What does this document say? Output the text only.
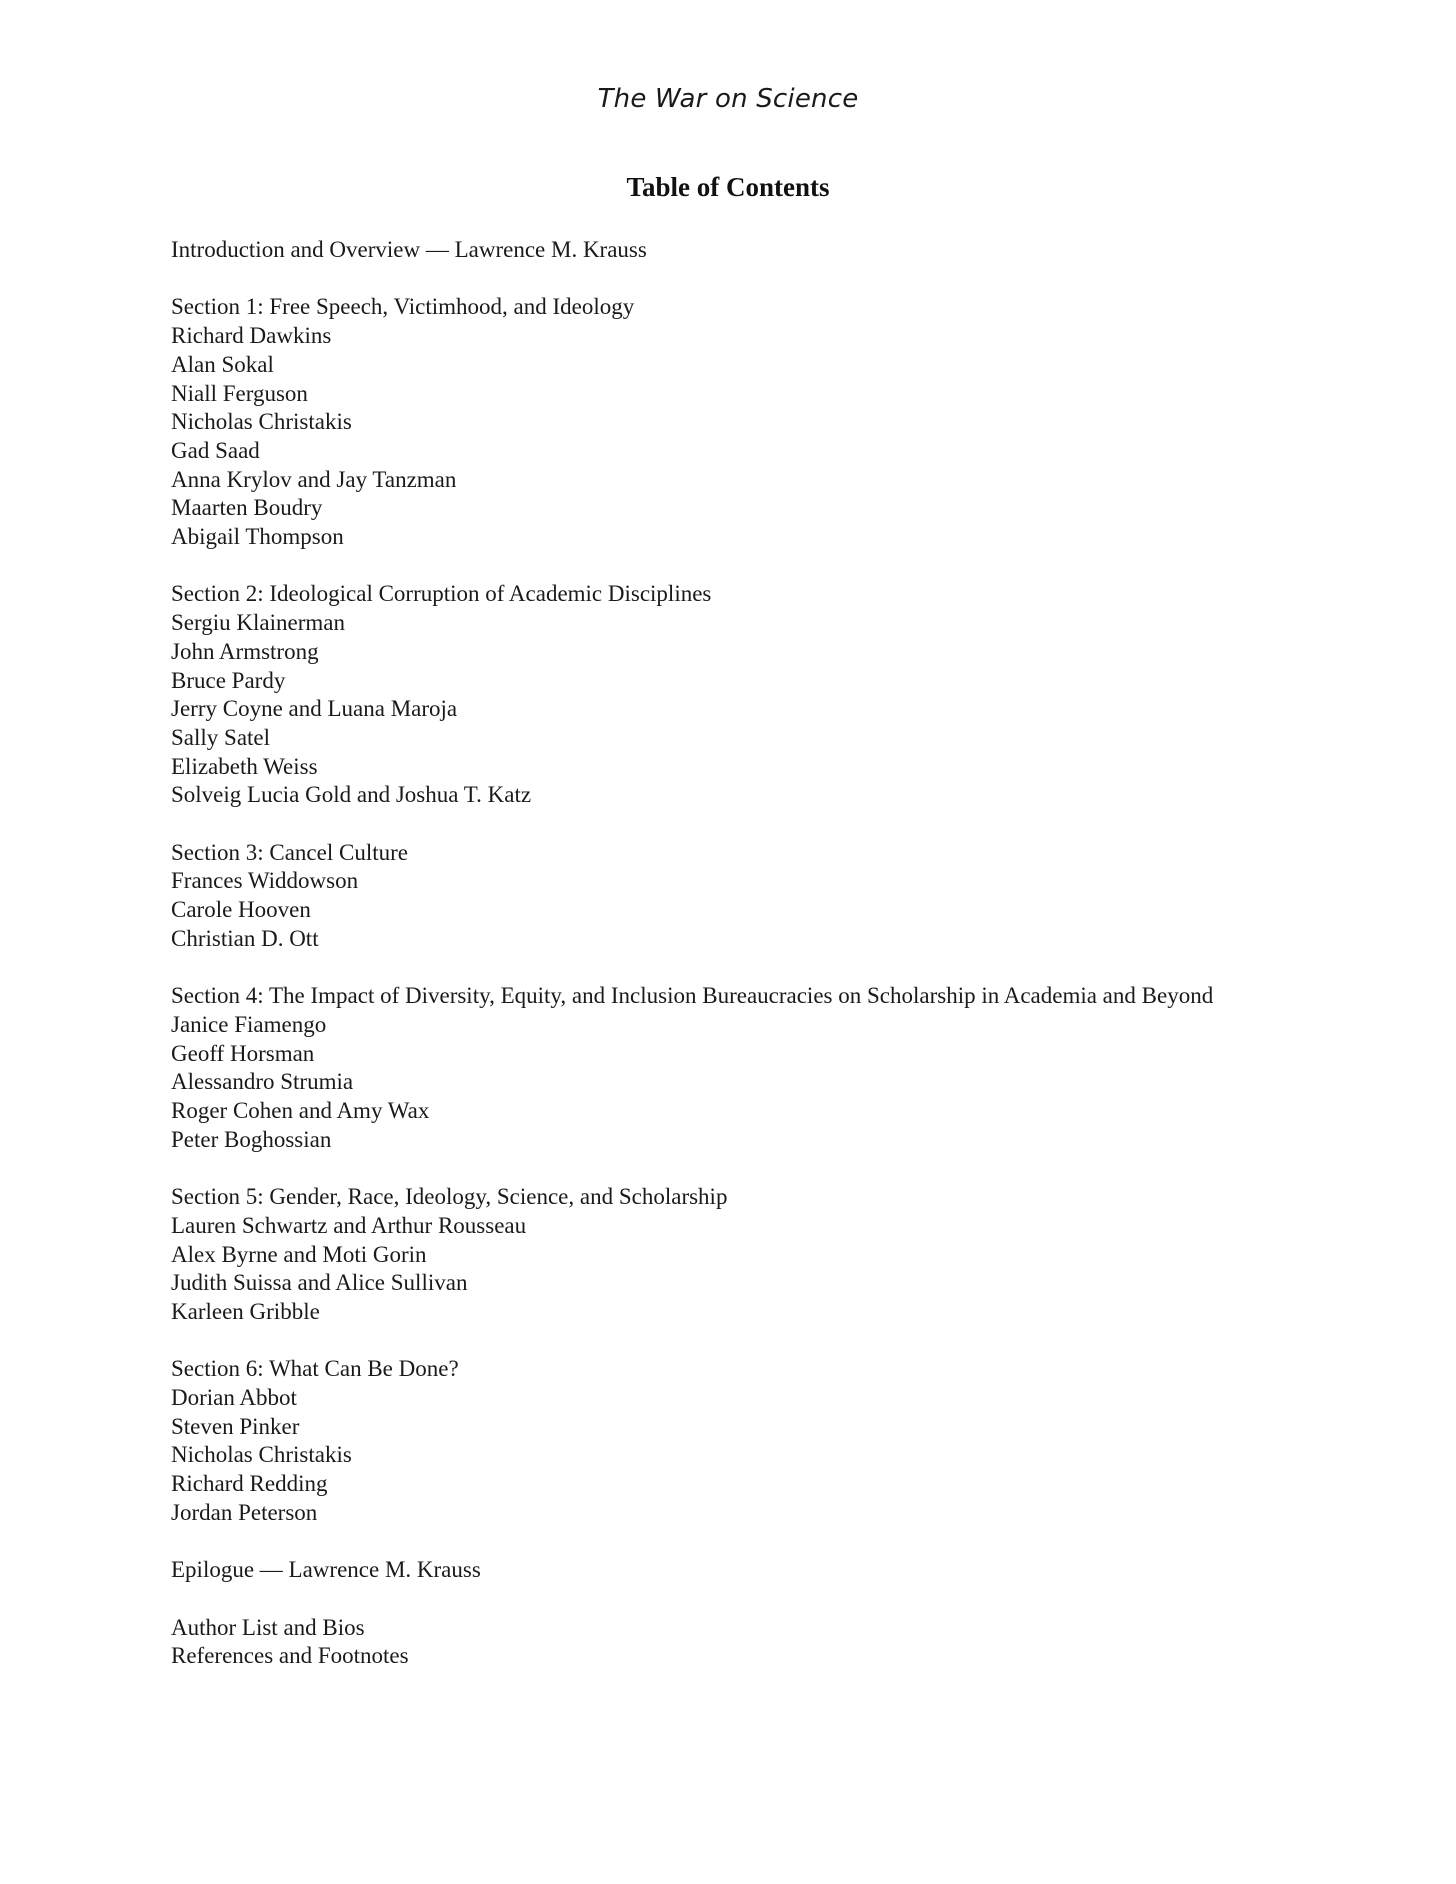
The War on Science
Table of Contents
Introduction and Overview — Lawrence M. Krauss
Section 1: Free Speech, Victimhood, and Ideology
Richard Dawkins
Alan Sokal
Niall Ferguson
Nicholas Christakis
Gad Saad
Anna Krylov and Jay Tanzman
Maarten Boudry
Abigail Thompson
Section 2: Ideological Corruption of Academic Disciplines
Sergiu Klainerman
John Armstrong
Bruce Pardy
Jerry Coyne and Luana Maroja
Sally Satel
Elizabeth Weiss
Solveig Lucia Gold and Joshua T. Katz
Section 3: Cancel Culture
Frances Widdowson
Carole Hooven
Christian D. Ott
Section 4: The Impact of Diversity, Equity, and Inclusion Bureaucracies on Scholarship in Academia and Beyond
Janice Fiamengo
Geoff Horsman
Alessandro Strumia
Roger Cohen and Amy Wax
Peter Boghossian
Section 5: Gender, Race, Ideology, Science, and Scholarship
Lauren Schwartz and Arthur Rousseau
Alex Byrne and Moti Gorin
Judith Suissa and Alice Sullivan
Karleen Gribble
Section 6: What Can Be Done?
Dorian Abbot
Steven Pinker
Nicholas Christakis
Richard Redding
Jordan Peterson
Epilogue — Lawrence M. Krauss
Author List and Bios
References and Footnotes
